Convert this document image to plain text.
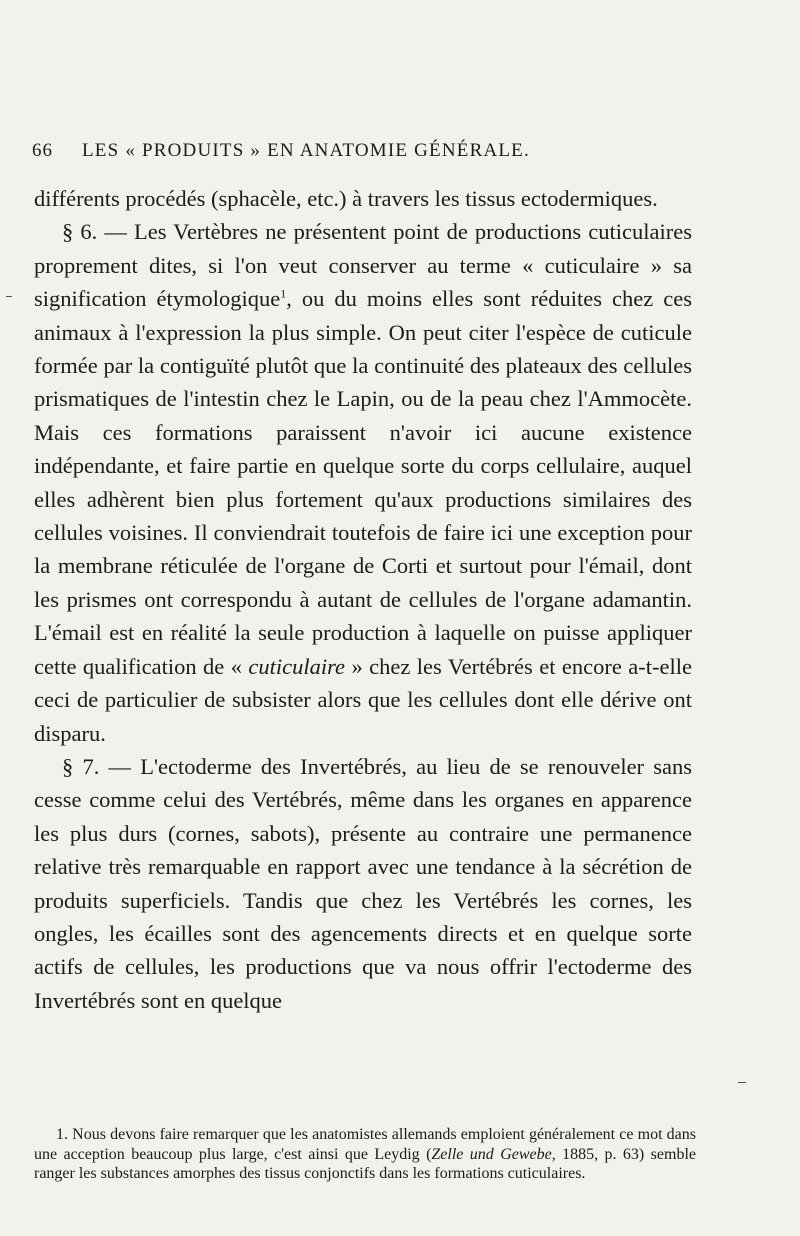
66 LES « PRODUITS » EN ANATOMIE GÉNÉRALE.

différents procédés (sphacèle, etc.) à travers les tissus ectodermiques.

§ 6. — Les Vertèbres ne présentent point de productions cuticulaires proprement dites, si l'on veut conserver au terme « cuticulaire » sa signification étymologique$^1$, ou du moins elles sont réduites chez ces animaux à l'expression la plus simple. On peut citer l'espèce de cuticule formée par la contiguïté plutôt que la continuité des plateaux des cellules prismatiques de l'intestin chez le Lapin, ou de la peau chez l'Ammocète. Mais ces formations paraissent n'avoir ici aucune existence indépendante, et faire partie en quelque sorte du corps cellulaire, auquel elles adhèrent bien plus fortement qu'aux productions similaires des cellules voisines. Il conviendrait toutefois de faire ici une exception pour la membrane réticulée de l'organe de Corti et surtout pour l'émail, dont les prismes ont correspondu à autant de cellules de l'organe adamantin. L'émail est en réalité la seule production à laquelle on puisse appliquer cette qualification de « cuticulaire » chez les Vertébrés et encore a-t-elle ceci de particulier de subsister alors que les cellules dont elle dérive ont disparu.

§ 7. — L'ectoderme des Invertébrés, au lieu de se renouveler sans cesse comme celui des Vertébrés, même dans les organes en apparence les plus durs (cornes, sabots), présente au contraire une permanence relative très remarquable en rapport avec une tendance à la sécrétion de produits superficiels. Tandis que chez les Vertébrés les cornes, les ongles, les écailles sont des agencements directs et en quelque sorte actifs de cellules, les productions que va nous offrir l'ectoderme des Invertébrés sont en quelque

1. Nous devons faire remarquer que les anatomistes allemands emploient généralement ce mot dans une acception beaucoup plus large, c'est ainsi que Leydig (Zelle und Gewebe, 1885, p. 63) semble ranger les substances amorphes des tissus conjonctifs dans les formations cuticulaires.
